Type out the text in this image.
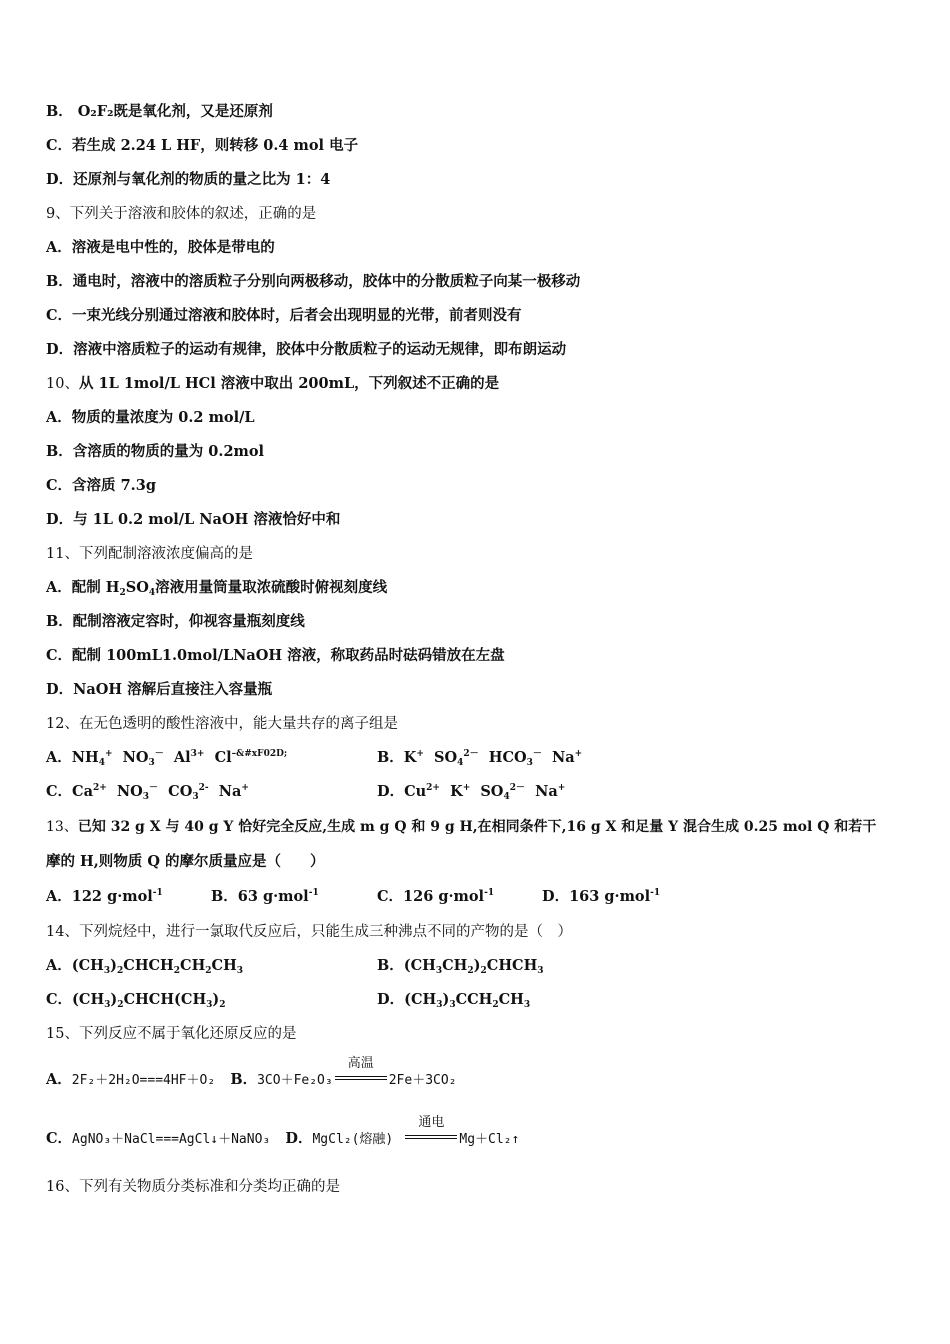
B． O₂F₂既是氧化剂，又是还原剂
C．若生成 2.24 L HF，则转移 0.4 mol 电子
D．还原剂与氧化剂的物质的量之比为 1：4
9、下列关于溶液和胶体的叙述，正确的是
A．溶液是电中性的，胶体是带电的
B．通电时，溶液中的溶质粒子分别向两极移动，胶体中的分散质粒子向某一极移动
C．一束光线分别通过溶液和胶体时，后者会出现明显的光带，前者则没有
D．溶液中溶质粒子的运动有规律，胶体中分散质粒子的运动无规律，即布朗运动
10、从 1L 1mol/L HCl 溶液中取出 200mL，下列叙述不正确的是
A．物质的量浓度为 0.2 mol/L
B．含溶质的物质的量为 0.2mol
C．含溶质 7.3g
D．与 1L 0.2 mol/L NaOH 溶液恰好中和
11、下列配制溶液浓度偏高的是
A．配制 $H_2SO_4$溶液用量筒量取浓硫酸时俯视刻度线
B．配制溶液定容时，仰视容量瓶刻度线
C．配制 100mL1.0mol/LNaOH 溶液，称取药品时砝码错放在左盘
D．NaOH 溶解后直接注入容量瓶
12、在无色透明的酸性溶液中，能大量共存的离子组是
A．$NH_4^+$  $NO_3^-$  $Al^{3+}$  $Cl^{-\&\#xF02D;}$	B．K+  $SO_4^{2-}$  $HCO_3^-$  Na+
C．$Ca^{2+}$  $NO_3^-$  $CO_3^{2-}$  Na+	D．$Cu^{2+}$  K+  $SO_4^{2-}$  Na+
13、已知 32 g X 与 40 g Y 恰好完全反应,生成 m g Q 和 9 g H,在相同条件下,16 g X 和足量 Y 混合生成 0.25 mol Q 和若干
摩的 H,则物质 Q 的摩尔质量应是（　　）
A．122 g·mol$^{-1}$	B．63 g·mol$^{-1}$	C．126 g·mol$^{-1}$	D．163 g·mol$^{-1}$
14、下列烷烃中，进行一氯取代反应后，只能生成三种沸点不同的产物的是（　）
A．$(CH_3)_2CHCH_2CH_2CH_3$	B．$(CH_3CH_2)_2CHCH_3$
C．$(CH_3)_2CHCH(CH_3)_2$	D．$(CH_3)_3CCH_2CH_3$
15、下列反应不属于氧化还原反应的是
A．2F₂＋2H₂O===4HF＋O₂ B．3CO＋Fe₂O₃
高温
2Fe＋3CO₂
C．AgNO₃＋NaCl===AgCl↓＋NaNO₃ D．MgCl₂(熔融)
通电
Mg＋Cl₂↑
16、下列有关物质分类标准和分类均正确的是
